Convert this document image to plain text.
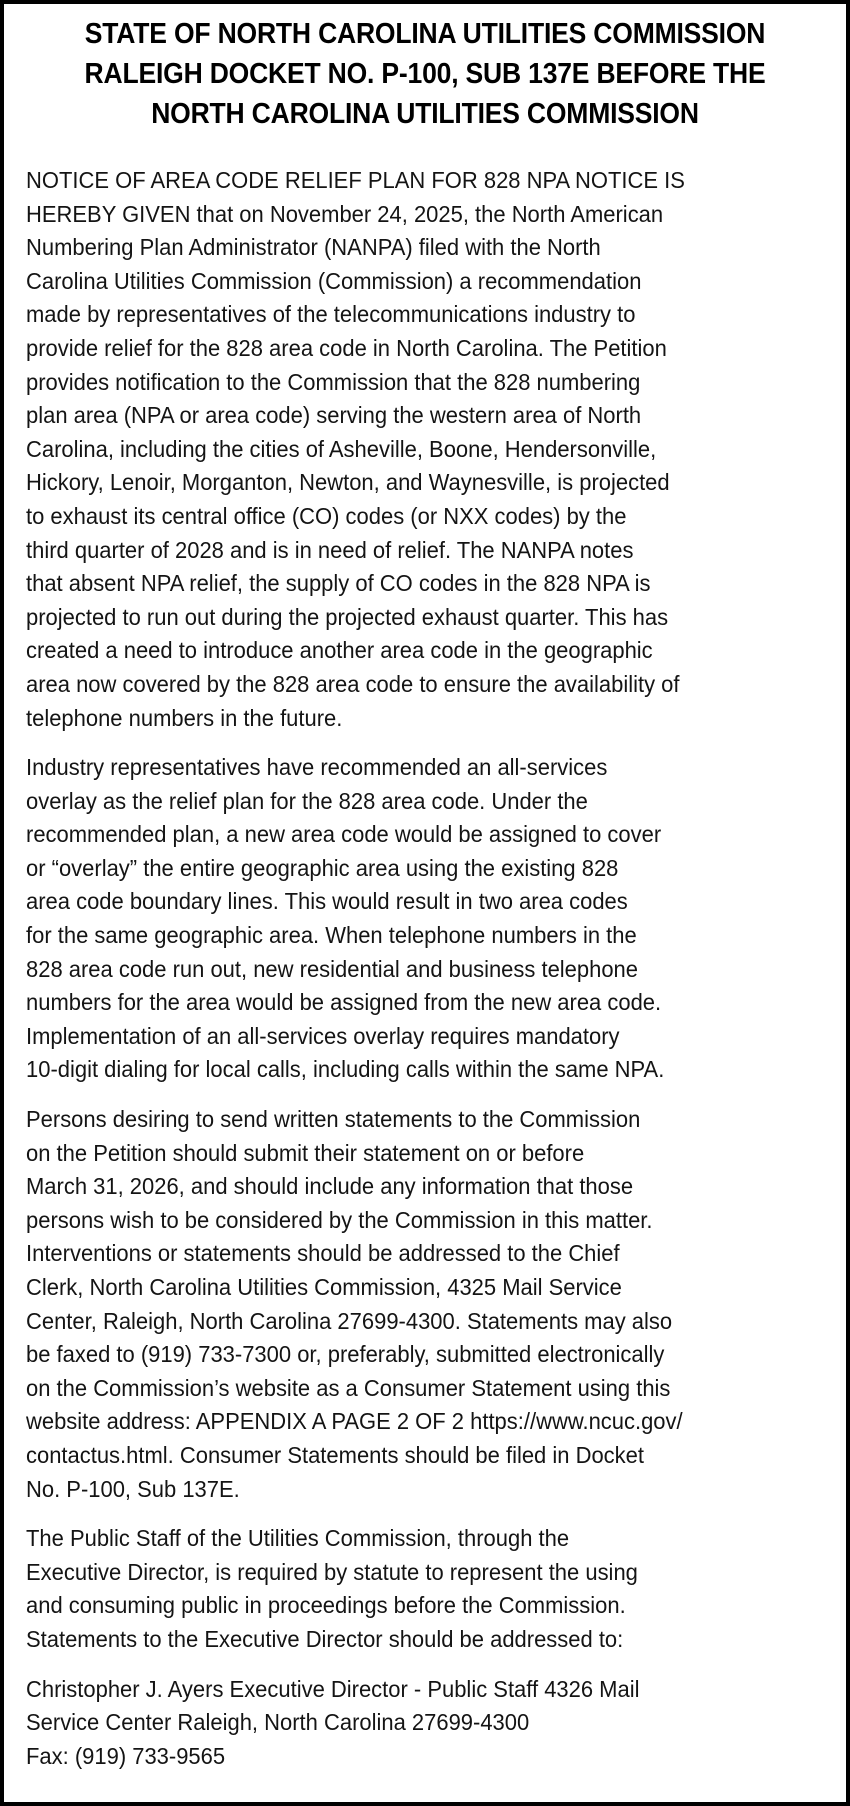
STATE OF NORTH CAROLINA UTILITIES COMMISSION
RALEIGH DOCKET NO. P-100, SUB 137E BEFORE THE
NORTH CAROLINA UTILITIES COMMISSION

NOTICE OF AREA CODE RELIEF PLAN FOR 828 NPA NOTICE IS
HEREBY GIVEN that on November 24, 2025, the North American
Numbering Plan Administrator (NANPA) filed with the North
Carolina Utilities Commission (Commission) a recommendation
made by representatives of the telecommunications industry to
provide relief for the 828 area code in North Carolina. The Petition
provides notification to the Commission that the 828 numbering
plan area (NPA or area code) serving the western area of North
Carolina, including the cities of Asheville, Boone, Hendersonville,
Hickory, Lenoir, Morganton, Newton, and Waynesville, is projected
to exhaust its central office (CO) codes (or NXX codes) by the
third quarter of 2028 and is in need of relief. The NANPA notes
that absent NPA relief, the supply of CO codes in the 828 NPA is
projected to run out during the projected exhaust quarter. This has
created a need to introduce another area code in the geographic
area now covered by the 828 area code to ensure the availability of
telephone numbers in the future.

Industry representatives have recommended an all-services
overlay as the relief plan for the 828 area code. Under the
recommended plan, a new area code would be assigned to cover
or “overlay” the entire geographic area using the existing 828
area code boundary lines. This would result in two area codes
for the same geographic area. When telephone numbers in the
828 area code run out, new residential and business telephone
numbers for the area would be assigned from the new area code.
Implementation of an all-services overlay requires mandatory
10-digit dialing for local calls, including calls within the same NPA.

Persons desiring to send written statements to the Commission
on the Petition should submit their statement on or before
March 31, 2026, and should include any information that those
persons wish to be considered by the Commission in this matter.
Interventions or statements should be addressed to the Chief
Clerk, North Carolina Utilities Commission, 4325 Mail Service
Center, Raleigh, North Carolina 27699-4300. Statements may also
be faxed to (919) 733-7300 or, preferably, submitted electronically
on the Commission’s website as a Consumer Statement using this
website address: APPENDIX A PAGE 2 OF 2 https://www.ncuc.gov/
contactus.html. Consumer Statements should be filed in Docket
No. P-100, Sub 137E.

The Public Staff of the Utilities Commission, through the
Executive Director, is required by statute to represent the using
and consuming public in proceedings before the Commission.
Statements to the Executive Director should be addressed to:

Christopher J. Ayers Executive Director - Public Staff 4326 Mail
Service Center Raleigh, North Carolina 27699-4300
Fax: (919) 733-9565
